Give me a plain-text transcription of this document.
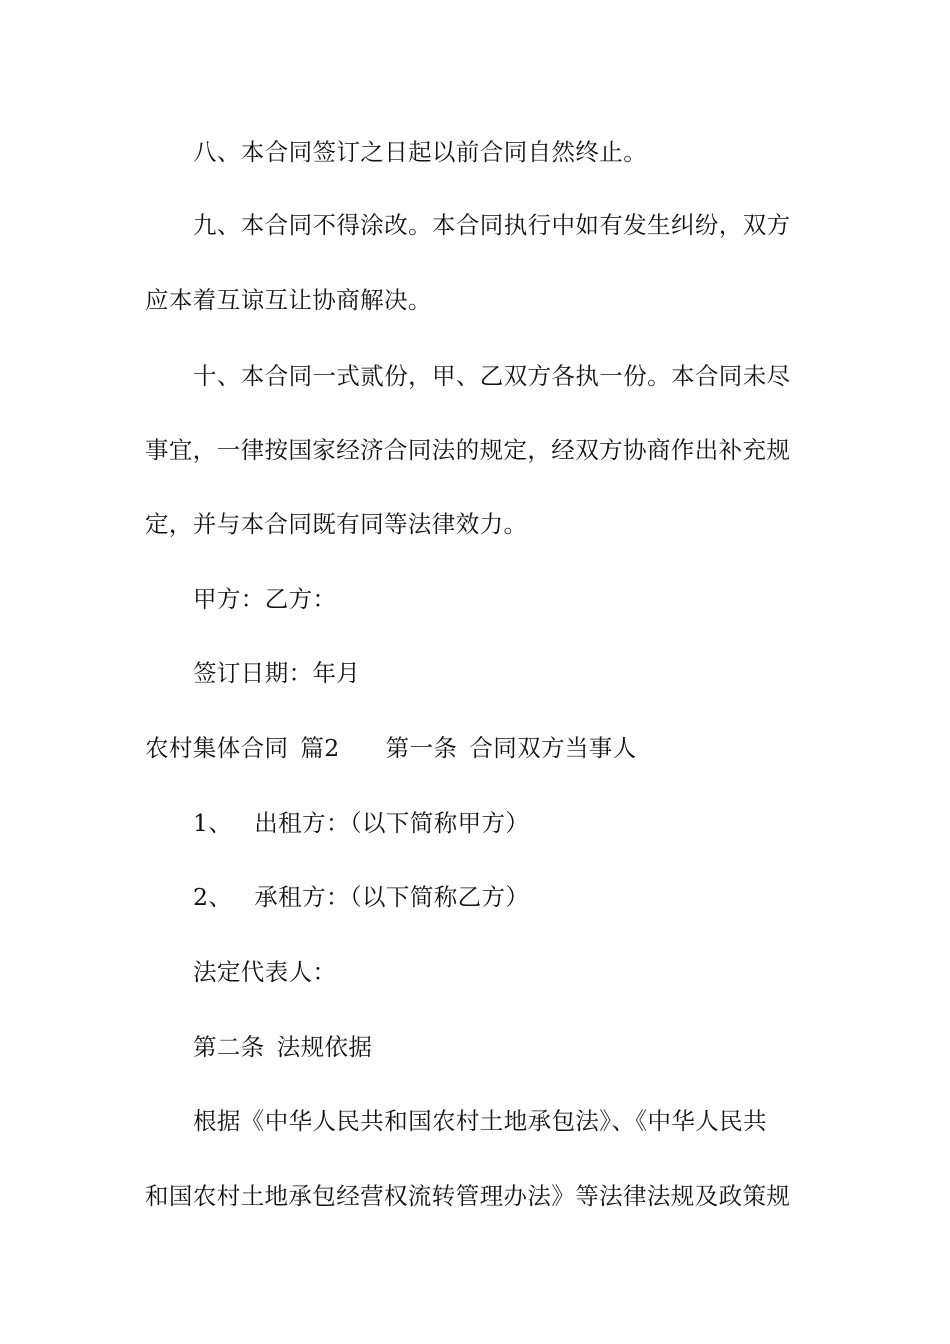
八、本合同签订之日起以前合同自然终止。
九、本合同不得涂改。本合同执行中如有发生纠纷，双方
应本着互谅互让协商解决。
十、本合同一式贰份，甲、乙双方各执一份。本合同未尽
事宜，一律按国家经济合同法的规定，经双方协商作出补充规
定，并与本合同既有同等法律效力。
甲方：乙方：
签订日期：年月
农村集体合同 篇2 第一条 合同双方当事人
1、 出租方：（以下简称甲方）
2、 承租方：（以下简称乙方）
法定代表人：
第二条 法规依据
根据《中华人民共和国农村土地承包法》、《中华人民共
和国农村土地承包经营权流转管理办法》等法律法规及政策规
